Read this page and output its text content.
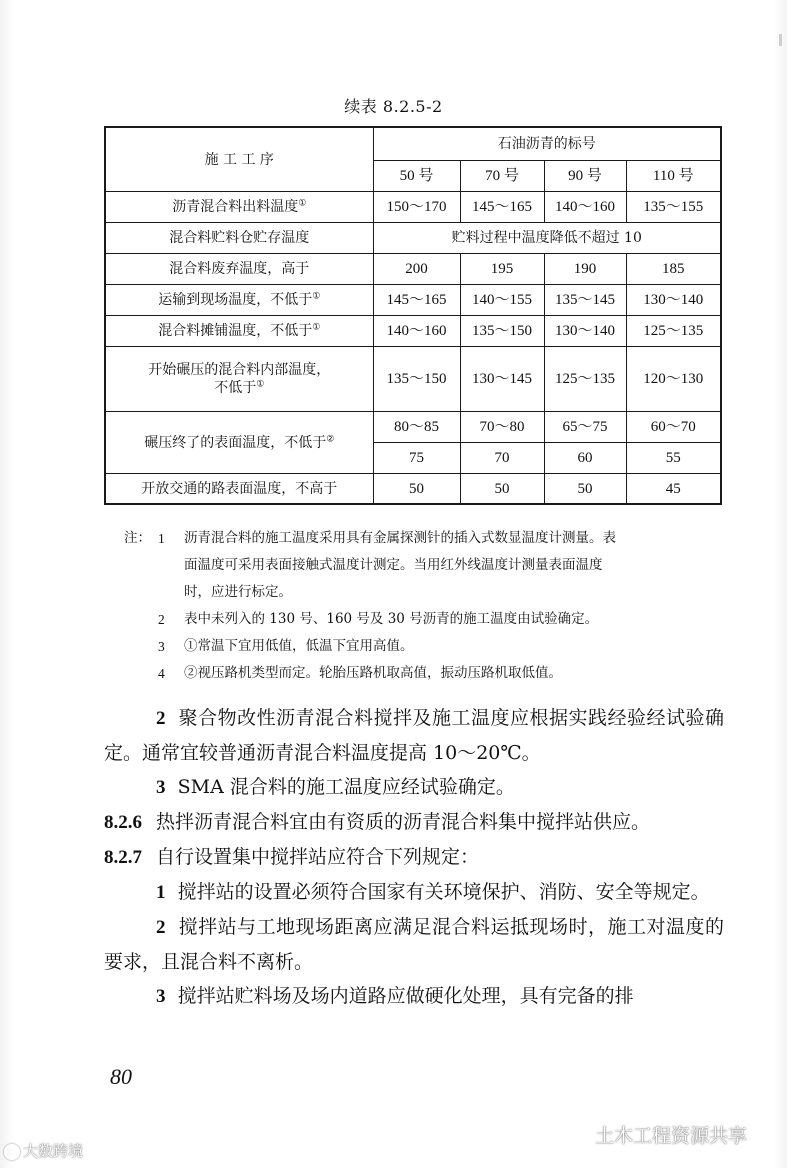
续表 8.2.5-2
施 工 工 序	石油沥青的标号			
	50 号	70 号	90 号	110 号
沥青混合料出料温度①	150～170	145～165	140～160	135～155
混合料贮料仓贮存温度	贮料过程中温度降低不超过 10			
混合料废弃温度，高于	200	195	190	185
运输到现场温度，不低于①	145～165	140～155	135～145	130～140
混合料摊铺温度，不低于①	140～160	135～150	130～140	125～135
开始碾压的混合料内部温度，
不低于①	135～150	130～145	125～135	120～130
碾压终了的表面温度，不低于②	80～85	70～80	65～75	60～70
	75	70	60	55
开放交通的路表面温度，不高于	50	50	50	45
注： 1 沥青混合料的施工温度采用具有金属探测针的插入式数显温度计测量。表
面温度可采用表面接触式温度计测定。当用红外线温度计测量表面温度
时，应进行标定。
2 表中未列入的 130 号、160 号及 30 号沥青的施工温度由试验确定。
3 ①常温下宜用低值，低温下宜用高值。
4 ②视压路机类型而定。轮胎压路机取高值，振动压路机取低值。
2 聚合物改性沥青混合料搅拌及施工温度应根据实践经验经试验确定。通常宜较普通沥青混合料温度提高 10～20℃。
3 SMA 混合料的施工温度应经试验确定。
8.2.6 热拌沥青混合料宜由有资质的沥青混合料集中搅拌站供应。
8.2.7 自行设置集中搅拌站应符合下列规定：
1 搅拌站的设置必须符合国家有关环境保护、消防、安全等规定。
2 搅拌站与工地现场距离应满足混合料运抵现场时，施工对温度的要求，且混合料不离析。
3 搅拌站贮料场及场内道路应做硬化处理，具有完备的排
80
大数跨境
土木工程资源共享
